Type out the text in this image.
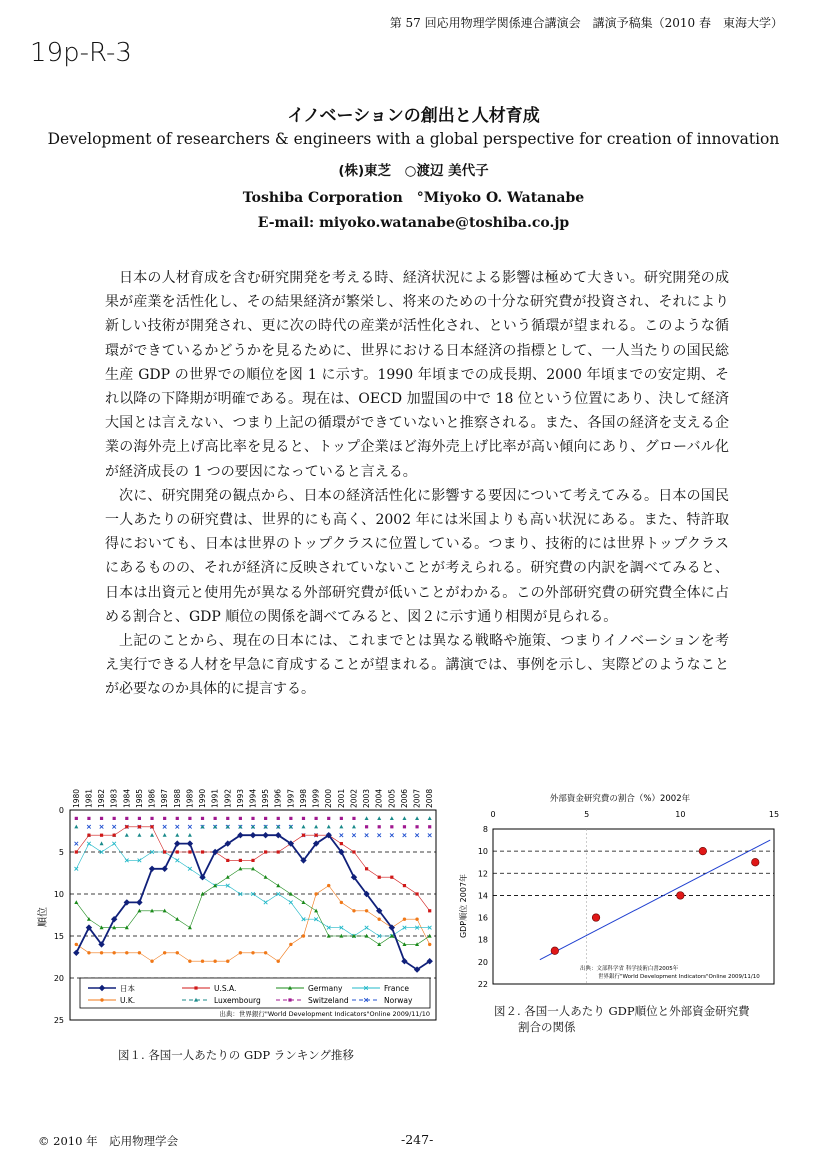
第 57 回応用物理学関係連合講演会　講演予稿集（2010 春　東海大学）
19p-R-3
イノベーションの創出と人材育成
Development of researchers & engineers with a global perspective for creation of innovation
(株)東芝　○渡辺 美代子
Toshiba Corporation　°Miyoko O. Watanabe
E-mail: miyoko.watanabe@toshiba.co.jp

日本の人材育成を含む研究開発を考える時、経済状況による影響は極めて大きい。研究開発の成果が産業を活性化し、その結果経済が繁栄し、将来のための十分な研究費が投資され、それにより新しい技術が開発され、更に次の時代の産業が活性化され、という循環が望まれる。このような循環ができているかどうかを見るために、世界における日本経済の指標として、一人当たりの国民総生産 GDP の世界での順位を図 1 に示す。1990 年頃までの成長期、2000 年頃までの安定期、それ以降の下降期が明確である。現在は、OECD 加盟国の中で 18 位という位置にあり、決して経済大国とは言えない、つまり上記の循環ができていないと推察される。また、各国の経済を支える企業の海外売上げ高比率を見ると、トップ企業ほど海外売上げ比率が高い傾向にあり、グローバル化が経済成長の 1 つの要因になっていると言える。

次に、研究開発の観点から、日本の経済活性化に影響する要因について考えてみる。日本の国民一人あたりの研究費は、世界的にも高く、2002 年には米国よりも高い状況にある。また、特許取得においても、日本は世界のトップクラスに位置している。つまり、技術的には世界トップクラスにあるものの、それが経済に反映されていないことが考えられる。研究費の内訳を調べてみると、日本は出資元と使用先が異なる外部研究費が低いことがわかる。この外部研究費の研究費全体に占める割合と、GDP 順位の関係を調べてみると、図２に示す通り相関が見られる。

上記のことから、現在の日本には、これまでとは異なる戦略や施策、つまりイノベーションを考え実行できる人材を早急に育成することが望まれる。講演では、事例を示し、実際どのようなことが必要なのか具体的に提言する。

1980 1981 1982 1983 1984 1985 1986 1987 1988 1989 1990 1991 1992 1993 1994 1995 1996 1997 1998 1999 2000 2001 2002 2003 2004 2005 2006 2007 2008
0
5
10
15
20
25
順位
日本	U.S.A.	Germany	France
U.K.	Luxembourg	Switzeland	Norway
出典：世界銀行"World Development Indicators"Online 2009/11/10
外部資金研究費の割合（%）2002年
0	5	10	15
8
10
12
14
16
18
20
22
GDP順位 2007年
出典：文部科学省 科学技術白書2005年
世界銀行"World Development Indicators"Online 2009/11/10
図１. 各国一人あたりの GDP ランキング推移
図２. 各国一人あたり GDP順位と外部資金研究費
割合の関係
© 2010 年　応用物理学会	-247-
